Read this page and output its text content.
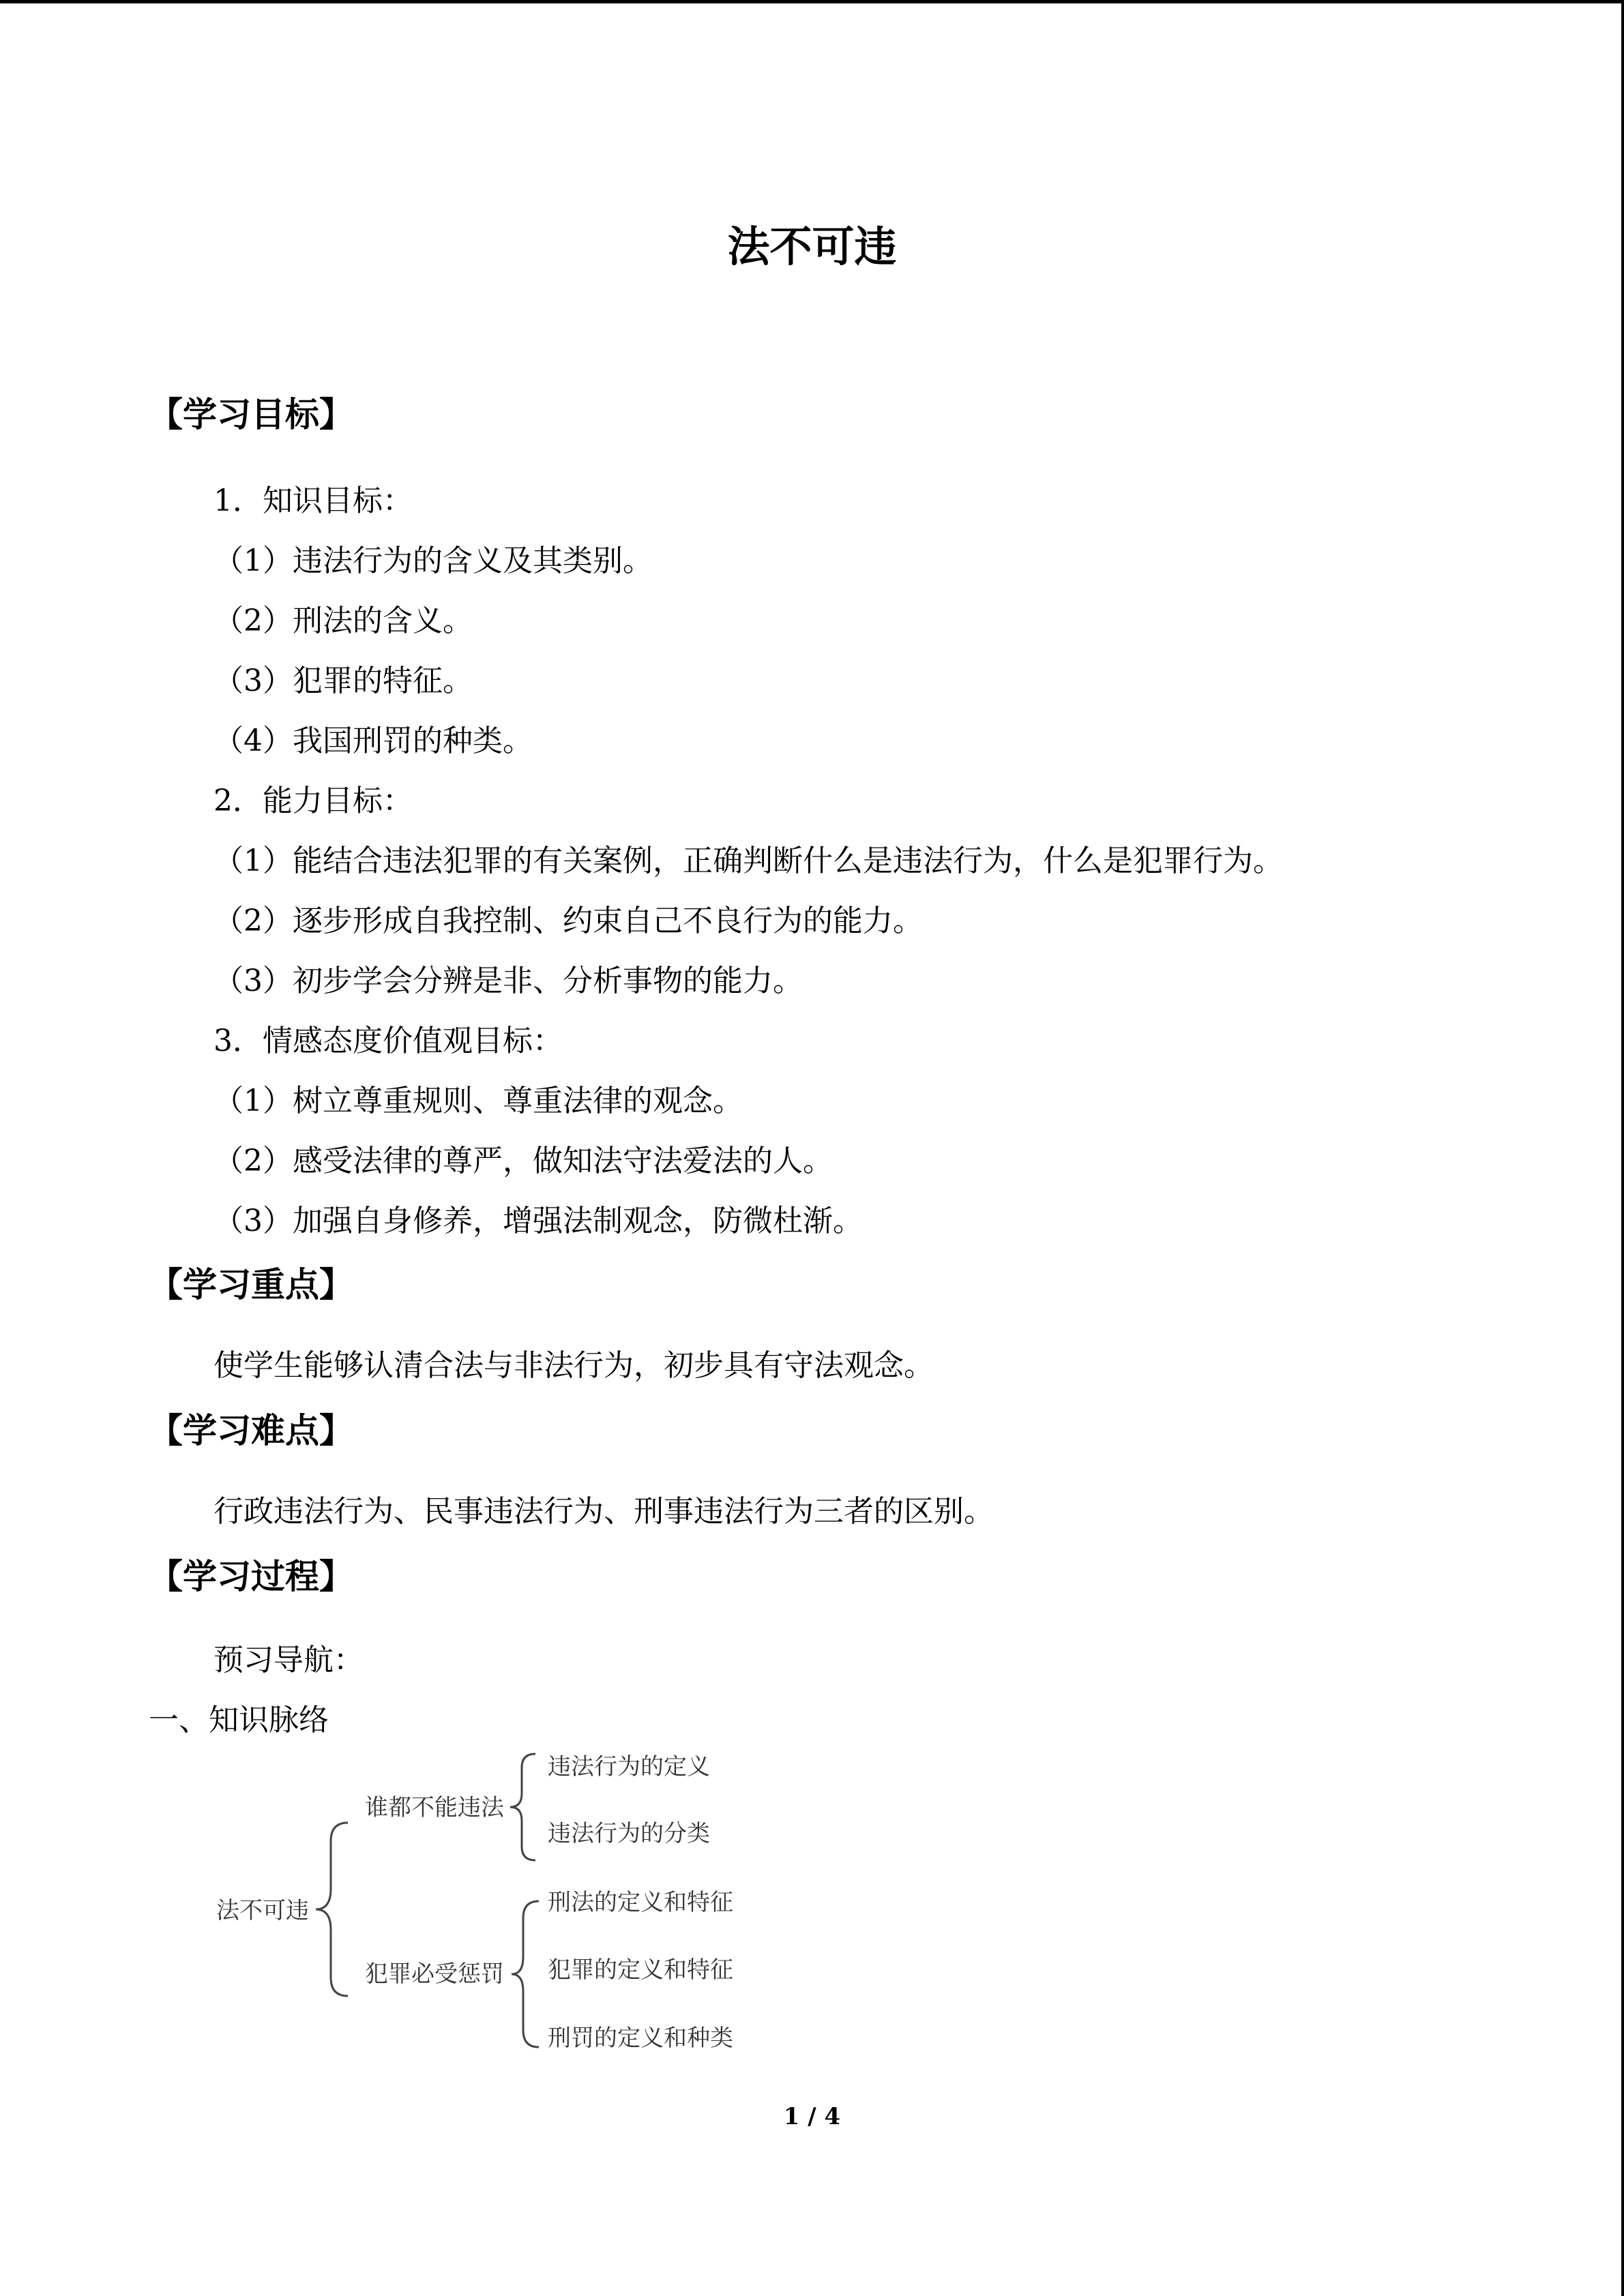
法不可违
【学习目标】
1．知识目标：
（1）违法行为的含义及其类别。
（2）刑法的含义。
（3）犯罪的特征。
（4）我国刑罚的种类。
2．能力目标：
（1）能结合违法犯罪的有关案例，正确判断什么是违法行为，什么是犯罪行为。
（2）逐步形成自我控制、约束自己不良行为的能力。
（3）初步学会分辨是非、分析事物的能力。
3．情感态度价值观目标：
（1）树立尊重规则、尊重法律的观念。
（2）感受法律的尊严，做知法守法爱法的人。
（3）加强自身修养，增强法制观念，防微杜渐。
【学习重点】
使学生能够认清合法与非法行为，初步具有守法观念。
【学习难点】
行政违法行为、民事违法行为、刑事违法行为三者的区别。
【学习过程】
预习导航：
一、知识脉络
法不可违
谁都不能违法
违法行为的定义
违法行为的分类
犯罪必受惩罚
刑法的定义和特征
犯罪的定义和特征
刑罚的定义和种类
1 / 4
